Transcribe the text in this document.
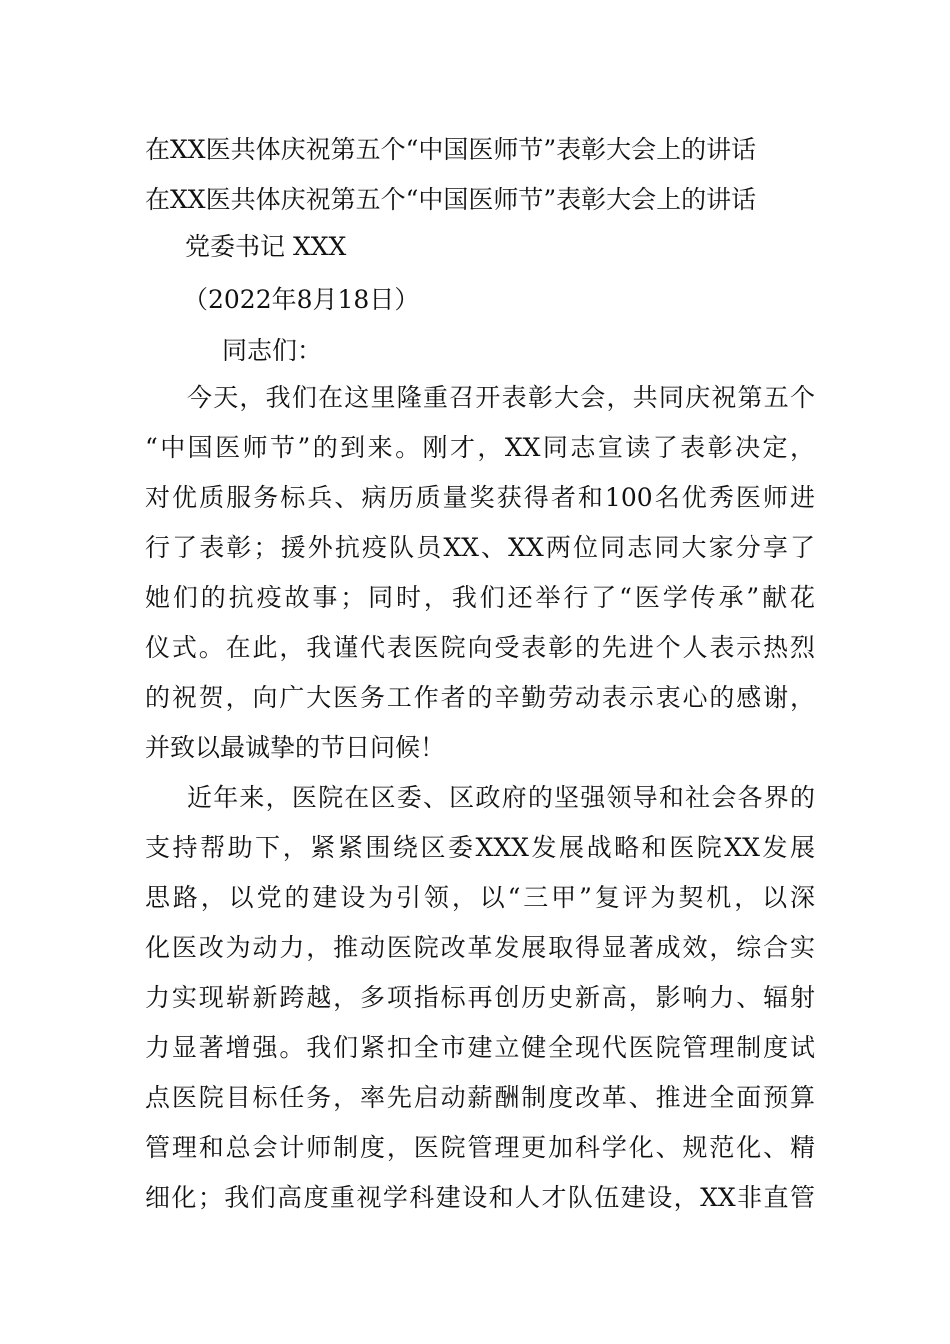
在XX医共体庆祝第五个“中国医师节”表彰大会上的讲话
在XX医共体庆祝第五个“中国医师节”表彰大会上的讲话
党委书记 XXX
（2022年8月18日）
同志们：
今天，我们在这里隆重召开表彰大会，共同庆祝第五个
“中国医师节”的到来。刚才，XX同志宣读了表彰决定，
对优质服务标兵、病历质量奖获得者和100名优秀医师进
行了表彰；援外抗疫队员XX、XX两位同志同大家分享了
她们的抗疫故事；同时，我们还举行了“医学传承”献花
仪式。在此，我谨代表医院向受表彰的先进个人表示热烈
的祝贺，向广大医务工作者的辛勤劳动表示衷心的感谢，
并致以最诚挚的节日问候！
近年来，医院在区委、区政府的坚强领导和社会各界的
支持帮助下，紧紧围绕区委XXX发展战略和医院XX发展
思路，以党的建设为引领，以“三甲”复评为契机，以深
化医改为动力，推动医院改革发展取得显著成效，综合实
力实现崭新跨越，多项指标再创历史新高，影响力、辐射
力显著增强。我们紧扣全市建立健全现代医院管理制度试
点医院目标任务，率先启动薪酬制度改革、推进全面预算
管理和总会计师制度，医院管理更加科学化、规范化、精
细化；我们高度重视学科建设和人才队伍建设，XX非直管
